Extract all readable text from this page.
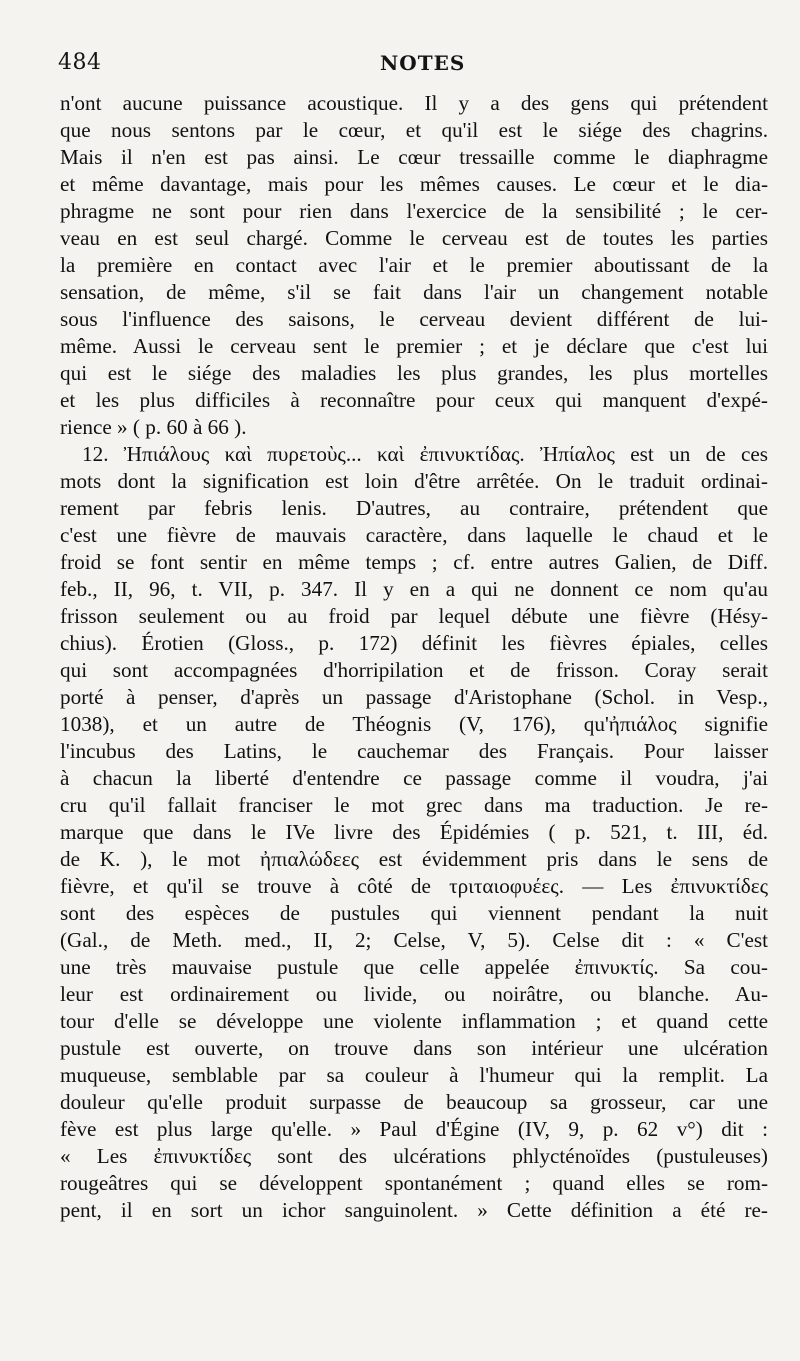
484	NOTES
n'ont aucune puissance acoustique. Il y a des gens qui prétendent
que nous sentons par le cœur, et qu'il est le siége des chagrins.
Mais il n'en est pas ainsi. Le cœur tressaille comme le diaphragme
et même davantage, mais pour les mêmes causes. Le cœur et le dia-
phragme ne sont pour rien dans l'exercice de la sensibilité ; le cer-
veau en est seul chargé. Comme le cerveau est de toutes les parties
la première en contact avec l'air et le premier aboutissant de la
sensation, de même, s'il se fait dans l'air un changement notable
sous l'influence des saisons, le cerveau devient différent de lui-
même. Aussi le cerveau sent le premier ; et je déclare que c'est lui
qui est le siége des maladies les plus grandes, les plus mortelles
et les plus difficiles à reconnaître pour ceux qui manquent d'expé-
rience » ( p. 60 à 66 ).
12. Ἠπιάλους καὶ πυρετοὺς... καὶ ἐπινυκτίδας. Ἠπίαλος est un de ces
mots dont la signification est loin d'être arrêtée. On le traduit ordinai-
rement par febris lenis. D'autres, au contraire, prétendent que
c'est une fièvre de mauvais caractère, dans laquelle le chaud et le
froid se font sentir en même temps ; cf. entre autres Galien, de Diff.
feb., II, 96, t. VII, p. 347. Il y en a qui ne donnent ce nom qu'au
frisson seulement ou au froid par lequel débute une fièvre (Hésy-
chius). Érotien (Gloss., p. 172) définit les fièvres épiales, celles
qui sont accompagnées d'horripilation et de frisson. Coray serait
porté à penser, d'après un passage d'Aristophane (Schol. in Vesp.,
1038), et un autre de Théognis (V, 176), qu'ἠπιάλος signifie
l'incubus des Latins, le cauchemar des Français. Pour laisser
à chacun la liberté d'entendre ce passage comme il voudra, j'ai
cru qu'il fallait franciser le mot grec dans ma traduction. Je re-
marque que dans le IVe livre des Épidémies ( p. 521, t. III, éd.
de K. ), le mot ἠπιαλώδεες est évidemment pris dans le sens de
fièvre, et qu'il se trouve à côté de τριταιοφυέες. — Les ἐπινυκτίδες
sont des espèces de pustules qui viennent pendant la nuit
(Gal., de Meth. med., II, 2; Celse, V, 5). Celse dit : « C'est
une très mauvaise pustule que celle appelée ἐπινυκτίς. Sa cou-
leur est ordinairement ou livide, ou noirâtre, ou blanche. Au-
tour d'elle se développe une violente inflammation ; et quand cette
pustule est ouverte, on trouve dans son intérieur une ulcération
muqueuse, semblable par sa couleur à l'humeur qui la remplit. La
douleur qu'elle produit surpasse de beaucoup sa grosseur, car une
fève est plus large qu'elle. » Paul d'Égine (IV, 9, p. 62 v°) dit :
« Les ἐπινυκτίδες sont des ulcérations phlycténoïdes (pustuleuses)
rougeâtres qui se développent spontanément ; quand elles se rom-
pent, il en sort un ichor sanguinolent. » Cette définition a été re-
